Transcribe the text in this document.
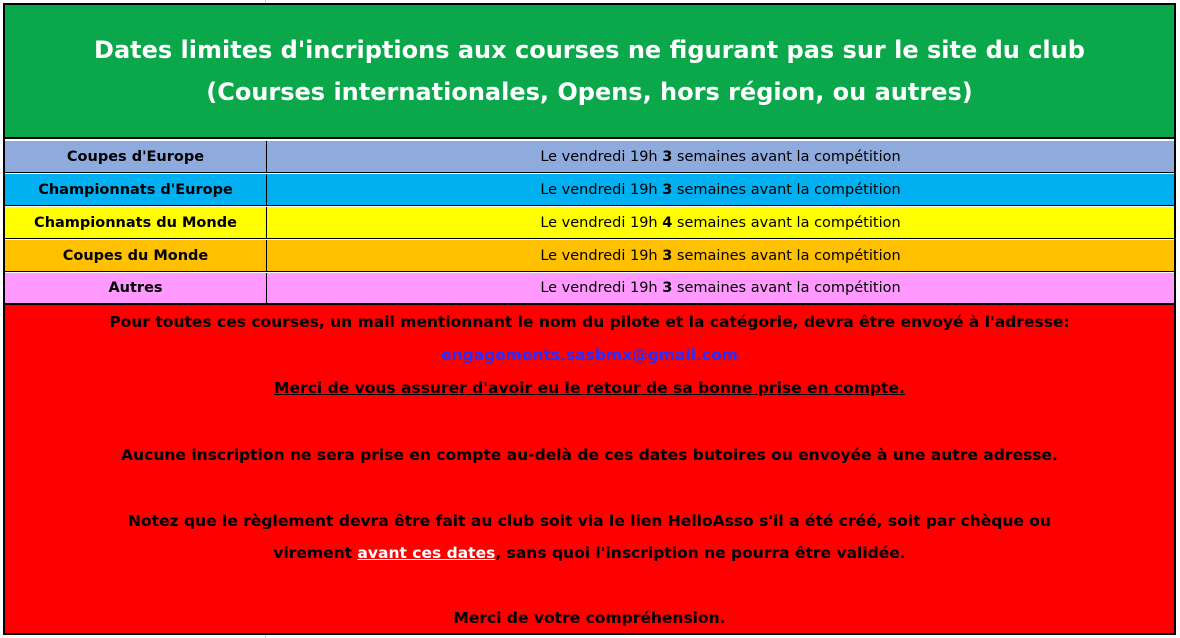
Dates limites d'incriptions aux courses ne figurant pas sur le site du club
(Courses internationales, Opens, hors région, ou autres)
Coupes d'Europe	Le vendredi 19h 3 semaines avant la compétition
Championnats d'Europe	Le vendredi 19h 3 semaines avant la compétition
Championnats du Monde	Le vendredi 19h 4 semaines avant la compétition
Coupes du Monde	Le vendredi 19h 3 semaines avant la compétition
Autres	Le vendredi 19h 3 semaines avant la compétition
Pour toutes ces courses, un mail mentionnant le nom du pilote et la catégorie, devra être envoyé à l'adresse:
engagements.sasbmx@gmail.com
Merci de vous assurer d'avoir eu le retour de sa bonne prise en compte.
Aucune inscription ne sera prise en compte au-delà de ces dates butoires ou envoyée à une autre adresse.
Notez que le règlement devra être fait au club soit via le lien HelloAsso s'il a été créé, soit par chèque ou
virement avant ces dates, sans quoi l'inscription ne pourra être validée.
Merci de votre compréhension.
